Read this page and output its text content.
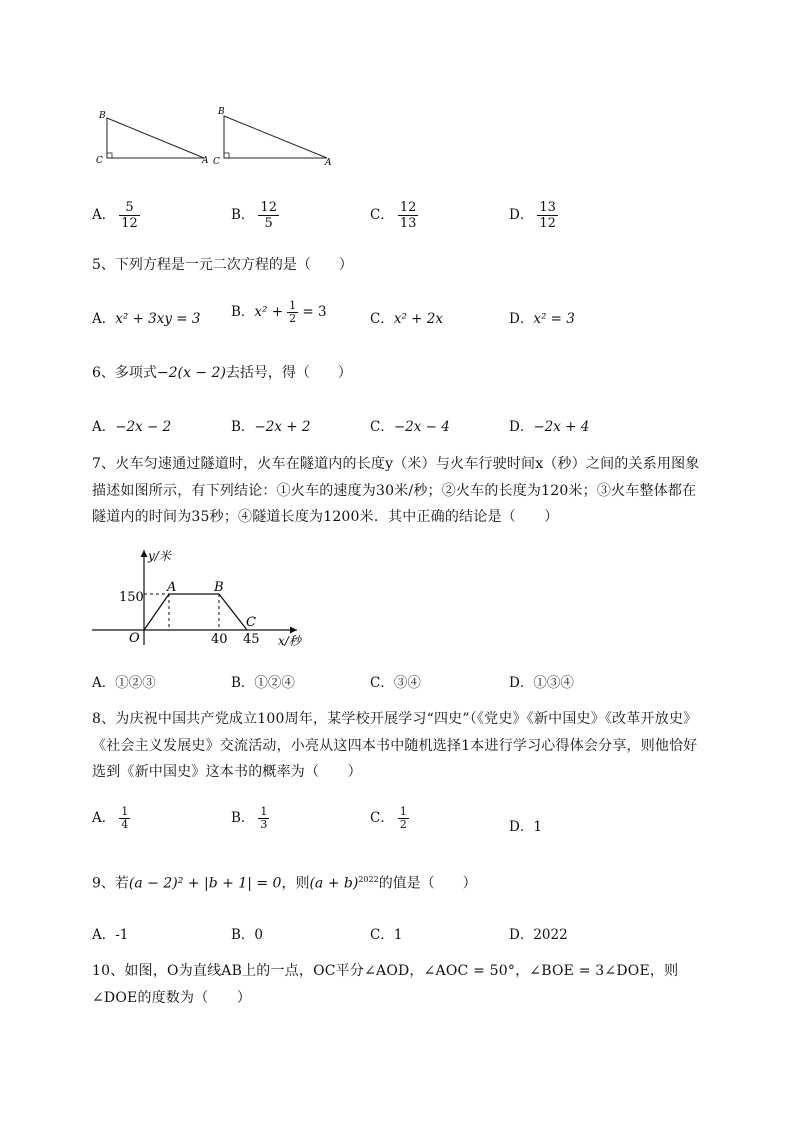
B
C	A
B
C	A
A． $\frac{5}{12}$	B． $\frac{12}{5}$	C． $\frac{12}{13}$	D． $\frac{13}{12}$
5、下列方程是一元二次方程的是（　　）
A．x² + 3xy = 3 B．$x^2 + \frac{1}{2} = 3$	C．x² + 2x	D．x² = 3
6、多项式−2(x − 2)去括号，得（　　）
A．−2x − 2	B．−2x + 2	C．−2x − 4	D．−2x + 4
7、火车匀速通过隧道时，火车在隧道内的长度y（米）与火车行驶时间x（秒）之间的关系用图象描述如图所示，有下列结论：①火车的速度为30米/秒；②火车的长度为120米；③火车整体都在隧道内的时间为35秒；④隧道长度为1200米．其中正确的结论是（　　）
y/米
x/秒
O
150
40 45
A	B
C
A．①②③	B．①②④	C．③④	D．①③④
8、为庆祝中国共产党成立100周年，某学校开展学习“四史”（《党史》《新中国史》《改革开放史》《社会主义发展史》交流活动，小亮从这四本书中随机选择1本进行学习心得体会分享，则他恰好选到《新中国史》这本书的概率为（　　）
A． $\frac{1}{4}$	B． $\frac{1}{3}$	C． $\frac{1}{2}$	D．1
9、若(a − 2)² + |b + 1| = 0，则$(a + b)^{2022}$的值是（　　）
A．-1	B．0	C．1	D．2022
10、如图，O为直线AB上的一点，OC平分∠AOD，∠AOC = 50°，∠BOE = 3∠DOE，则∠DOE的度数为（　　）
